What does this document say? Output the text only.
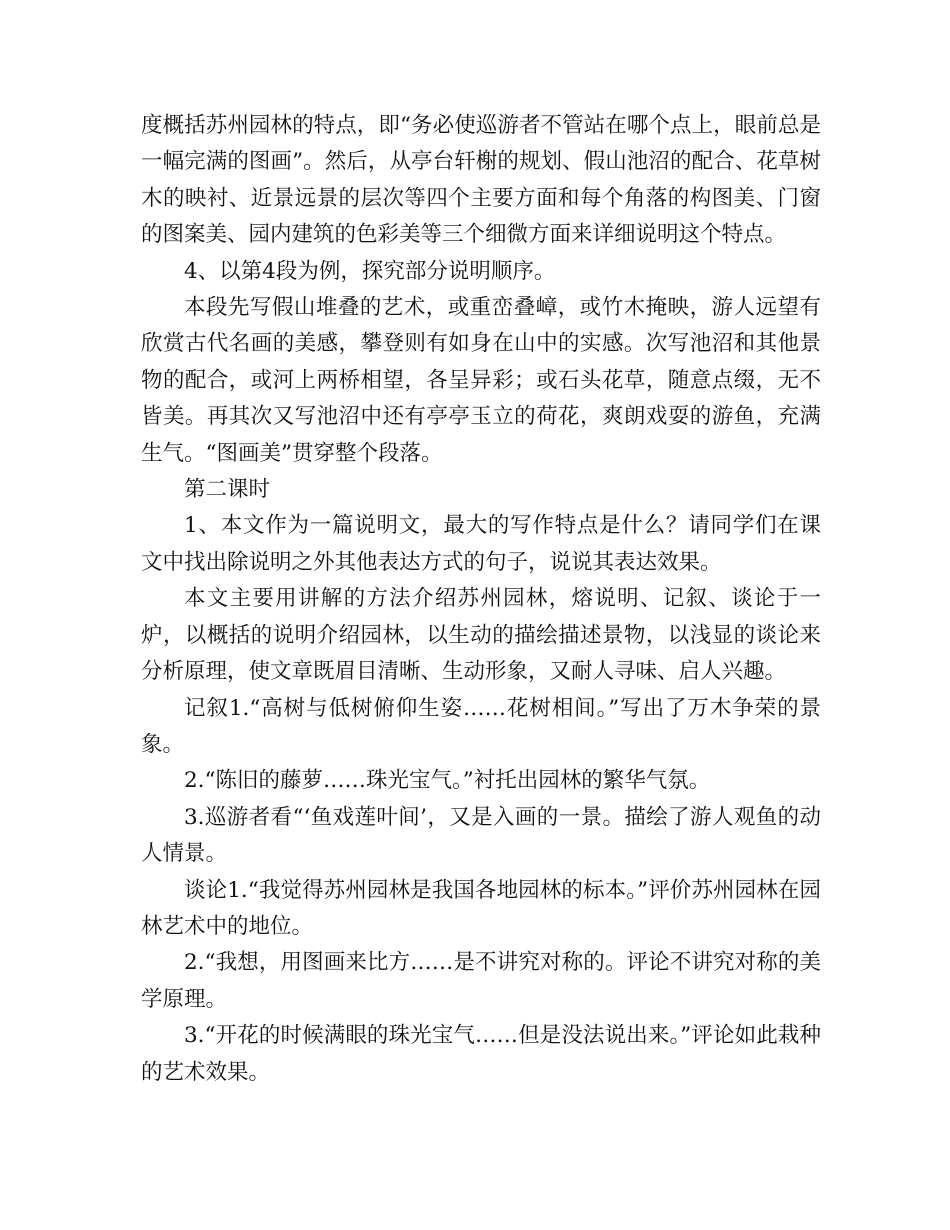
度概括苏州园林的特点，即“务必使巡游者不管站在哪个点上，眼前总是一幅完满的图画”。然后，从亭台轩榭的规划、假山池沼的配合、花草树木的映衬、近景远景的层次等四个主要方面和每个角落的构图美、门窗的图案美、园内建筑的色彩美等三个细微方面来详细说明这个特点。

4、以第4段为例，探究部分说明顺序。

本段先写假山堆叠的艺术，或重峦叠嶂，或竹木掩映，游人远望有欣赏古代名画的美感，攀登则有如身在山中的实感。次写池沼和其他景物的配合，或河上两桥相望，各呈异彩；或石头花草，随意点缀，无不皆美。再其次又写池沼中还有亭亭玉立的荷花，爽朗戏耍的游鱼，充满生气。“图画美”贯穿整个段落。

第二课时

1、本文作为一篇说明文，最大的写作特点是什么？请同学们在课文中找出除说明之外其他表达方式的句子，说说其表达效果。

本文主要用讲解的方法介绍苏州园林，熔说明、记叙、谈论于一炉，以概括的说明介绍园林，以生动的描绘描述景物，以浅显的谈论来分析原理，使文章既眉目清晰、生动形象，又耐人寻味、启人兴趣。

记叙1.“高树与低树俯仰生姿……花树相间。”写出了万木争荣的景象。

2.“陈旧的藤萝……珠光宝气。”衬托出园林的繁华气氛。

3.巡游者看“‘鱼戏莲叶间’，又是入画的一景。描绘了游人观鱼的动人情景。

谈论1.“我觉得苏州园林是我国各地园林的标本。”评价苏州园林在园林艺术中的地位。

2.“我想，用图画来比方……是不讲究对称的。评论不讲究对称的美学原理。

3.“开花的时候满眼的珠光宝气……但是没法说出来。”评论如此栽种的艺术效果。
